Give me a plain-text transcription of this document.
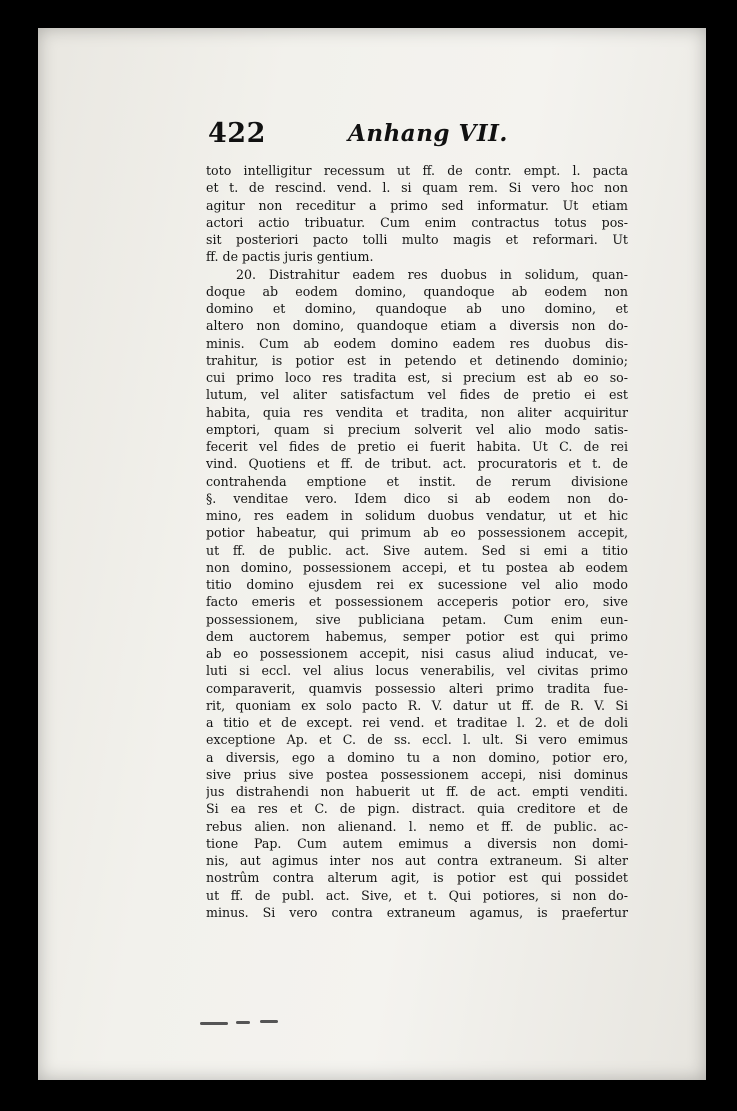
422	Anhang VII.
toto intelligitur recessum ut ff. de contr. empt. l. pacta
et t. de rescind. vend. l. si quam rem. Si vero hoc non
agitur non receditur a primo sed informatur. Ut etiam
actori actio tribuatur. Cum enim contractus totus pos-
sit posteriori pacto tolli multo magis et reformari. Ut
ff. de pactis juris gentium.
20. Distrahitur eadem res duobus in solidum, quan-
doque ab eodem domino, quandoque ab eodem non
domino et domino, quandoque ab uno domino, et
altero non domino, quandoque etiam a diversis non do-
minis. Cum ab eodem domino eadem res duobus dis-
trahitur, is potior est in petendo et detinendo dominio;
cui primo loco res tradita est, si precium est ab eo so-
lutum, vel aliter satisfactum vel fides de pretio ei est
habita, quia res vendita et tradita, non aliter acquiritur
emptori, quam si precium solverit vel alio modo satis-
fecerit vel fides de pretio ei fuerit habita. Ut C. de rei
vind. Quotiens et ff. de tribut. act. procuratoris et t. de
contrahenda emptione et instit. de rerum divisione
§. venditae vero. Idem dico si ab eodem non do-
mino, res eadem in solidum duobus vendatur, ut et hic
potior habeatur, qui primum ab eo possessionem accepit,
ut ff. de public. act. Sive autem. Sed si emi a titio
non domino, possessionem accepi, et tu postea ab eodem
titio domino ejusdem rei ex sucessione vel alio modo
facto emeris et possessionem acceperis potior ero, sive
possessionem, sive publiciana petam. Cum enim eun-
dem auctorem habemus, semper potior est qui primo
ab eo possessionem accepit, nisi casus aliud inducat, ve-
luti si eccl. vel alius locus venerabilis, vel civitas primo
comparaverit, quamvis possessio alteri primo tradita fue-
rit, quoniam ex solo pacto R. V. datur ut ff. de R. V. Si
a titio et de except. rei vend. et traditae l. 2. et de doli
exceptione Ap. et C. de ss. eccl. l. ult. Si vero emimus
a diversis, ego a domino tu a non domino, potior ero,
sive prius sive postea possessionem accepi, nisi dominus
jus distrahendi non habuerit ut ff. de act. empti venditi.
Si ea res et C. de pign. distract. quia creditore et de
rebus alien. non alienand. l. nemo et ff. de public. ac-
tione Pap. Cum autem emimus a diversis non domi-
nis, aut agimus inter nos aut contra extraneum. Si alter
nostrûm contra alterum agit, is potior est qui possidet
ut ff. de publ. act. Sive, et t. Qui potiores, si non do-
minus. Si vero contra extraneum agamus, is praefertur
